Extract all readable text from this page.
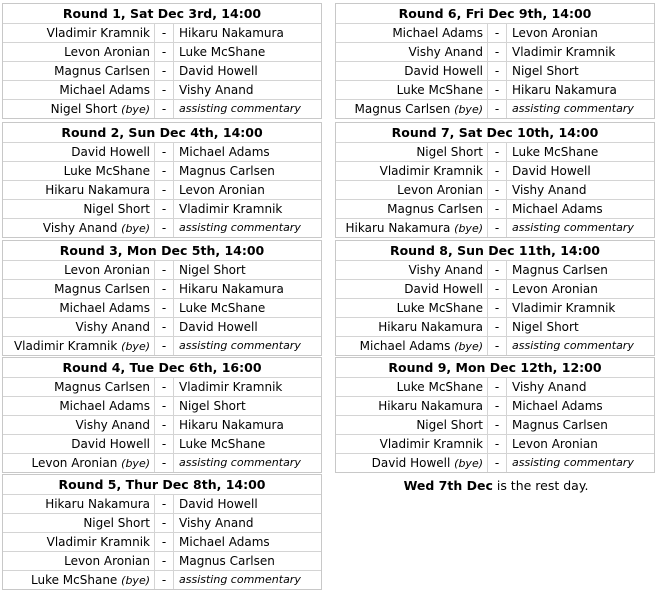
Round 1, Sat Dec 3rd, 14:00
Vladimir Kramnik -	Hikaru Nakamura
Levon Aronian -	Luke McShane
Magnus Carlsen -	David Howell
Michael Adams -	Vishy Anand
Nigel Short (bye) -	assisting commentary
Round 2, Sun Dec 4th, 14:00
David Howell -	Michael Adams
Luke McShane -	Magnus Carlsen
Hikaru Nakamura -	Levon Aronian
Nigel Short -	Vladimir Kramnik
Vishy Anand (bye) -	assisting commentary
Round 3, Mon Dec 5th, 14:00
Levon Aronian -	Nigel Short
Magnus Carlsen -	Hikaru Nakamura
Michael Adams -	Luke McShane
Vishy Anand -	David Howell
Vladimir Kramnik (bye) -	assisting commentary
Round 4, Tue Dec 6th, 16:00
Magnus Carlsen -	Vladimir Kramnik
Michael Adams -	Nigel Short
Vishy Anand -	Hikaru Nakamura
David Howell -	Luke McShane
Levon Aronian (bye) -	assisting commentary
Round 5, Thur Dec 8th, 14:00
Hikaru Nakamura -	David Howell
Nigel Short -	Vishy Anand
Vladimir Kramnik -	Michael Adams
Levon Aronian -	Magnus Carlsen
Luke McShane (bye) -	assisting commentary
Round 6, Fri Dec 9th, 14:00
Michael Adams -	Levon Aronian
Vishy Anand -	Vladimir Kramnik
David Howell -	Nigel Short
Luke McShane -	Hikaru Nakamura
Magnus Carlsen (bye) -	assisting commentary
Round 7, Sat Dec 10th, 14:00
Nigel Short -	Luke McShane
Vladimir Kramnik -	David Howell
Levon Aronian -	Vishy Anand
Magnus Carlsen -	Michael Adams
Hikaru Nakamura (bye) -	assisting commentary
Round 8, Sun Dec 11th, 14:00
Vishy Anand -	Magnus Carlsen
David Howell -	Levon Aronian
Luke McShane -	Vladimir Kramnik
Hikaru Nakamura -	Nigel Short
Michael Adams (bye) -	assisting commentary
Round 9, Mon Dec 12th, 12:00
Luke McShane -	Vishy Anand
Hikaru Nakamura -	Michael Adams
Nigel Short -	Magnus Carlsen
Vladimir Kramnik -	Levon Aronian
David Howell (bye) -	assisting commentary
Wed 7th Dec is the rest day.
